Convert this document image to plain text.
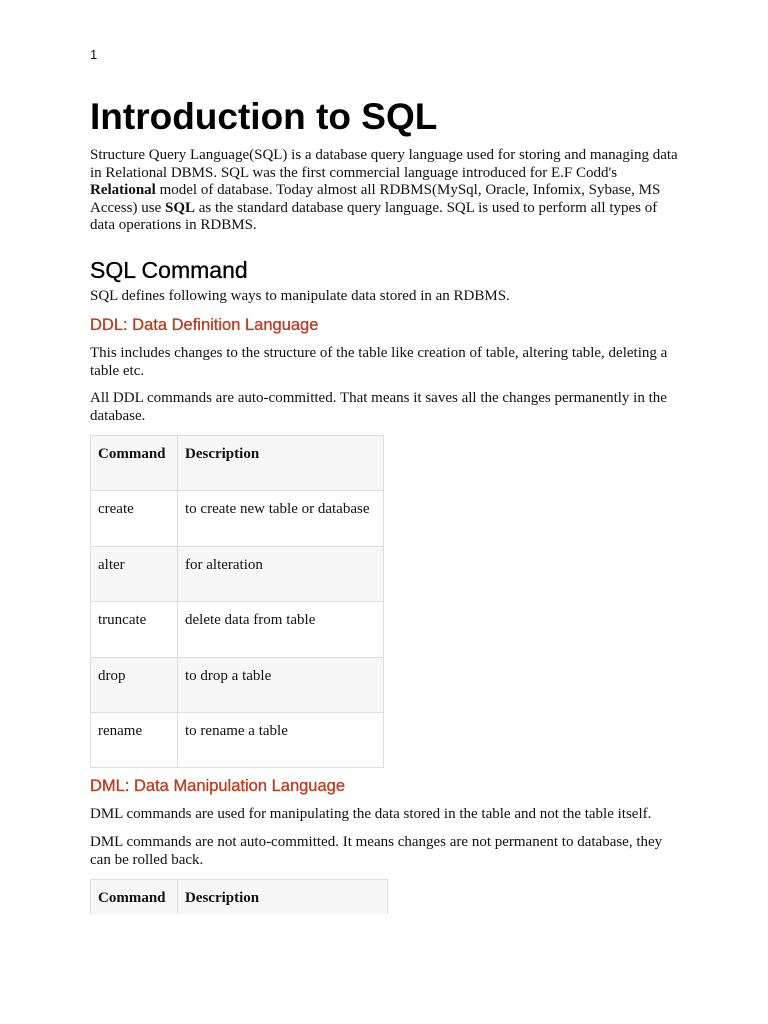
1
Introduction to SQL

Structure Query Language(SQL) is a database query language used for storing and managing data in Relational DBMS. SQL was the first commercial language introduced for E.F Codd's Relational model of database. Today almost all RDBMS(MySql, Oracle, Infomix, Sybase, MS Access) use SQL as the standard database query language. SQL is used to perform all types of data operations in RDBMS.

SQL Command

SQL defines following ways to manipulate data stored in an RDBMS.

DDL: Data Definition Language

This includes changes to the structure of the table like creation of table, altering table, deleting a table etc.

All DDL commands are auto-committed. That means it saves all the changes permanently in the database.

Command	Description
create	to create new table or database
alter	for alteration
truncate	delete data from table
drop	to drop a table
rename	to rename a table
DML: Data Manipulation Language

DML commands are used for manipulating the data stored in the table and not the table itself.

DML commands are not auto-committed. It means changes are not permanent to database, they can be rolled back.

Command	Description
